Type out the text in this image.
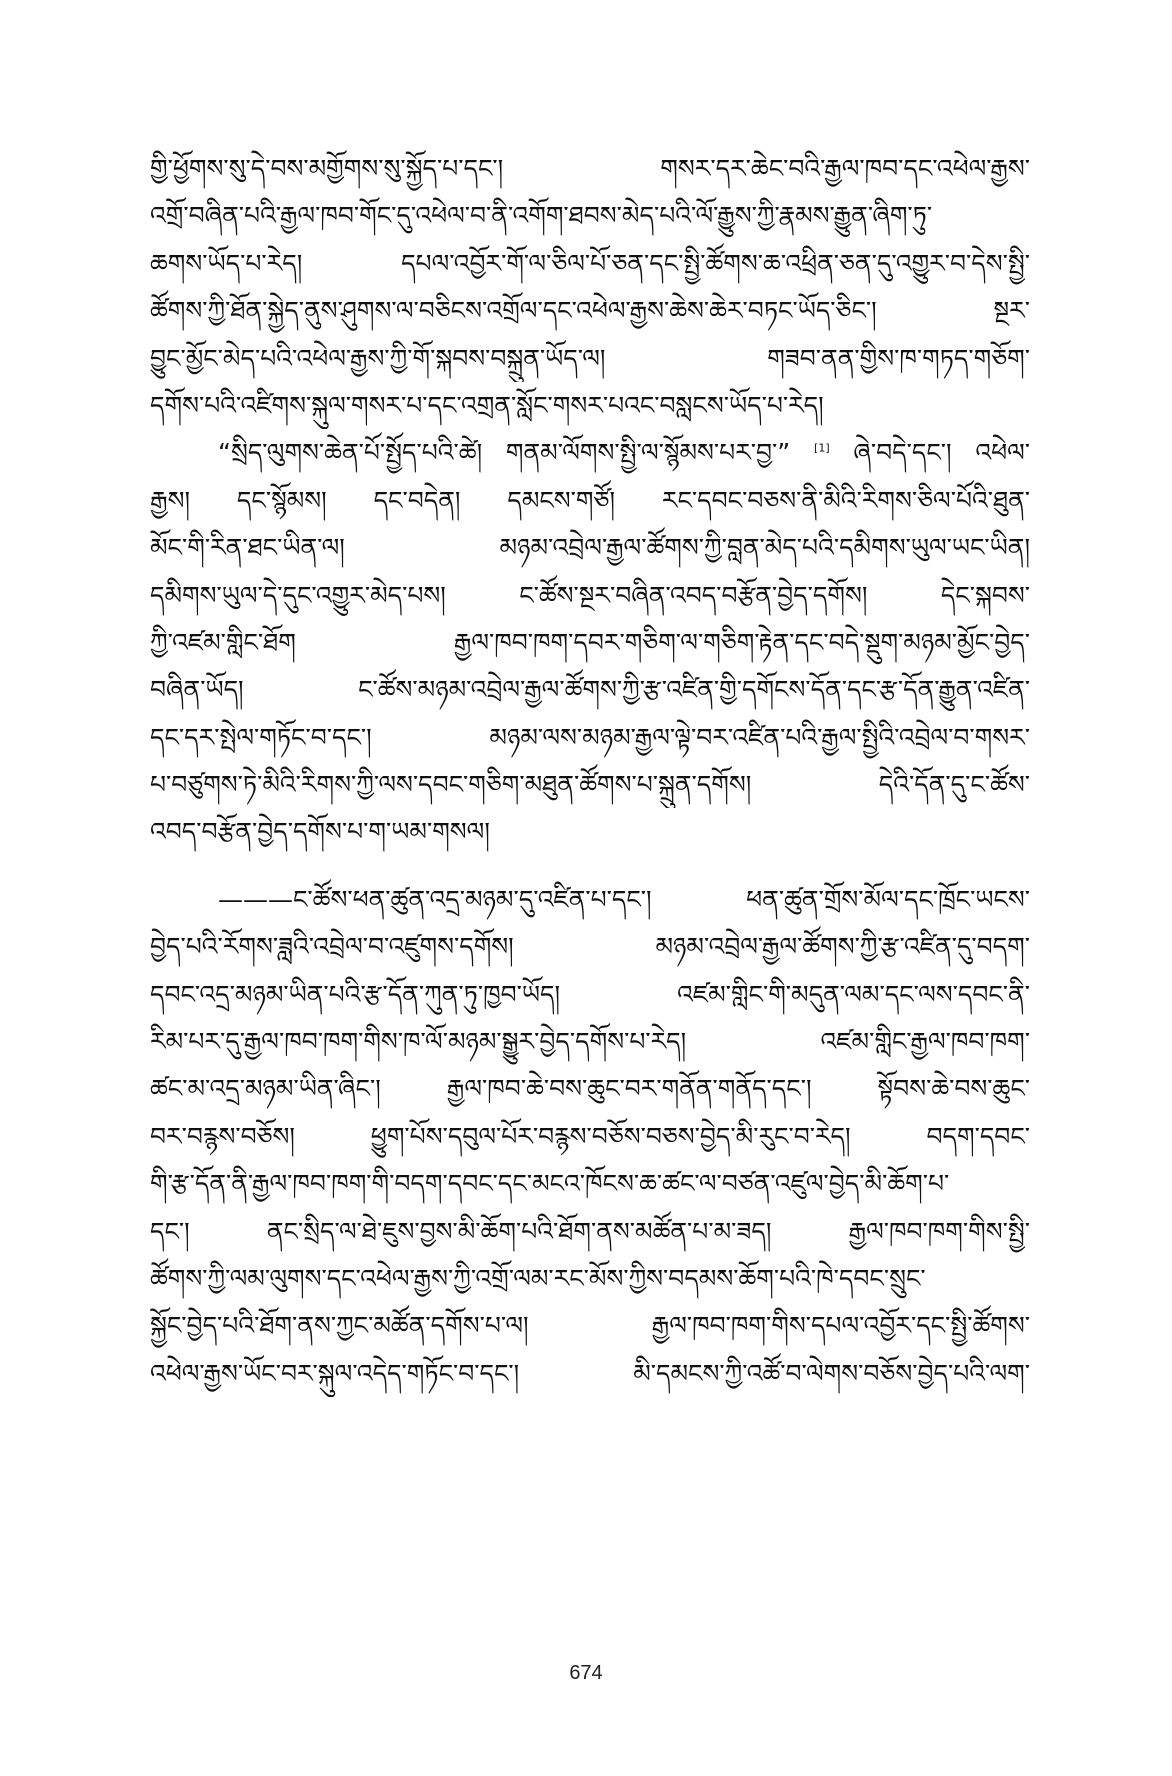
གྱི་ཕྱོགས་སུ་དེ་བས་མགྱོགས་སུ་སྐྱོད་པ་དང་། གསར་དར་ཆེང་བའི་རྒྱལ་ཁབ་དང་འཕེལ་རྒྱས་
འགྲོ་བཞིན་པའི་རྒྱལ་ཁབ་གོང་དུ་འཕེལ་བ་ནི་འགོག་ཐབས་མེད་པའི་ལོ་རྒྱུས་ཀྱི་རྣམས་རྒྱུན་ཞིག་ཏུ་
ཆགས་ཡོད་པ་རེད། དཔལ་འབྱོར་གོ་ལ་ཅིལ་པོ་ཅན་དང་སྤྱི་ཚོགས་ཆ་འཕྲིན་ཅན་དུ་འགྱུར་བ་དེས་སྤྱི་
ཚོགས་ཀྱི་ཐོན་སྐྱེད་ནུས་ཤུགས་ལ་བཅིངས་འགྲོལ་དང་འཕེལ་རྒྱས་ཆེས་ཆེར་བཏང་ཡོད་ཅིང་། སྔར་
བྱུང་མྱོང་མེད་པའི་འཕེལ་རྒྱས་ཀྱི་གོ་སྐབས་བསྐྲུན་ཡོད་ལ། གཟབ་ནན་གྱིས་ཁ་གཏད་གཅོག་
དགོས་པའི་འཛིགས་སྐུལ་གསར་པ་དང་འགྲན་སློང་གསར་པའང་བསླངས་ཡོད་པ་རེད།
“སྲིད་ལུགས་ཆེན་པོ་སྤྱོད་པའི་ཚེ། གནམ་ལོགས་སྤྱི་ལ་སྙོམས་པར་བྱ་” [1] ཞེ་བདེ་དང་། འཕེལ་
རྒྱས། དང་སྙོམས། དང་བདེན། དམངས་གཙོ། རང་དབང་བཅས་ནི་མིའི་རིགས་ཅིལ་པོའི་ཐུན་
མོང་གི་རིན་ཐང་ཡིན་ལ། མཉམ་འབྲེལ་རྒྱལ་ཚོགས་ཀྱི་བླན་མེད་པའི་དམིགས་ཡུལ་ཡང་ཡིན།
དམིགས་ཡུལ་དེ་དུང་འགྱུར་མེད་པས། ང་ཚོས་སྔར་བཞིན་འབད་བརྩོན་བྱེད་དགོས། དེང་སྐབས་
ཀྱི་འཛམ་གླིང་ཐོག རྒྱལ་ཁབ་ཁག་དབར་གཅིག་ལ་གཅིག་རྟེན་དང་བདེ་སྡུག་མཉམ་མྱོང་བྱེད་
བཞིན་ཡོད། ང་ཚོས་མཉམ་འབྲེལ་རྒྱལ་ཚོགས་ཀྱི་རྩ་འཛིན་གྱི་དགོངས་དོན་དང་རྩ་དོན་རྒྱུན་འཛིན་
དང་དར་སྤེལ་གཏོང་བ་དང་། མཉམ་ལས་མཉམ་རྒྱལ་ལྟེ་བར་འཛིན་པའི་རྒྱལ་སྤྱིའི་འབྲེལ་བ་གསར་
པ་བཙུགས་ཏེ་མིའི་རིགས་ཀྱི་ལས་དབང་གཅིག་མཐུན་ཚོགས་པ་སྐྲུན་དགོས། དེའི་དོན་དུ་ང་ཚོས་
འབད་བརྩོན་བྱེད་དགོས་པ་ག་ཡམ་གསལ།
———ང་ཚོས་ཕན་ཚུན་འདྲ་མཉམ་དུ་འཛིན་པ་དང་། ཕན་ཚུན་གྲོས་མོལ་དང་ཁྲོང་ཡངས་
བྱེད་པའི་རོགས་ཟླའི་འབྲེལ་བ་འཛུགས་དགོས། མཉམ་འབྲེལ་རྒྱལ་ཚོགས་ཀྱི་རྩ་འཛིན་དུ་བདག་
དབང་འདྲ་མཉམ་ཡིན་པའི་རྩ་དོན་ཀུན་ཏུ་ཁྱབ་ཡོད། འཛམ་གླིང་གི་མདུན་ལམ་དང་ལས་དབང་ནི་
རིམ་པར་དུ་རྒྱལ་ཁབ་ཁག་གིས་ཁ་ལོ་མཉམ་སྒྱུར་བྱེད་དགོས་པ་རེད། འཛམ་གླིང་རྒྱལ་ཁབ་ཁག་
ཚང་མ་འདྲ་མཉམ་ཡིན་ཞིང་། རྒྱལ་ཁབ་ཆེ་བས་ཆུང་བར་གནོན་གནོད་དང་། སྟོབས་ཆེ་བས་ཆུང་
བར་བརྙས་བཅོས། ཕྱུག་པོས་དབུལ་པོར་བརྙས་བཅོས་བཅས་བྱེད་མི་རུང་བ་རེད། བདག་དབང་
གི་རྩ་དོན་ནི་རྒྱལ་ཁབ་ཁག་གི་བདག་དབང་དང་མངའ་ཁོངས་ཆ་ཚང་ལ་བཙན་འཛུལ་བྱེད་མི་ཆོག་པ་
དང་། ནང་སྲིད་ལ་ཐེ་ཇུས་བྱས་མི་ཆོག་པའི་ཐོག་ནས་མཚོན་པ་མ་ཟད། རྒྱལ་ཁབ་ཁག་གིས་སྤྱི་
ཚོགས་ཀྱི་ལམ་ལུགས་དང་འཕེལ་རྒྱས་ཀྱི་འགྲོ་ལམ་རང་མོས་ཀྱིས་བདམས་ཆོག་པའི་ཁེ་དབང་སྲུང་
སྐྱོང་བྱེད་པའི་ཐོག་ནས་ཀྱང་མཚོན་དགོས་པ་ལ། རྒྱལ་ཁབ་ཁག་གིས་དཔལ་འབྱོར་དང་སྤྱི་ཚོགས་
འཕེལ་རྒྱས་ཡོང་བར་སྐུལ་འདེད་གཏོང་བ་དང་། མི་དམངས་ཀྱི་འཚོ་བ་ལེགས་བཅོས་བྱེད་པའི་ལག་
674
